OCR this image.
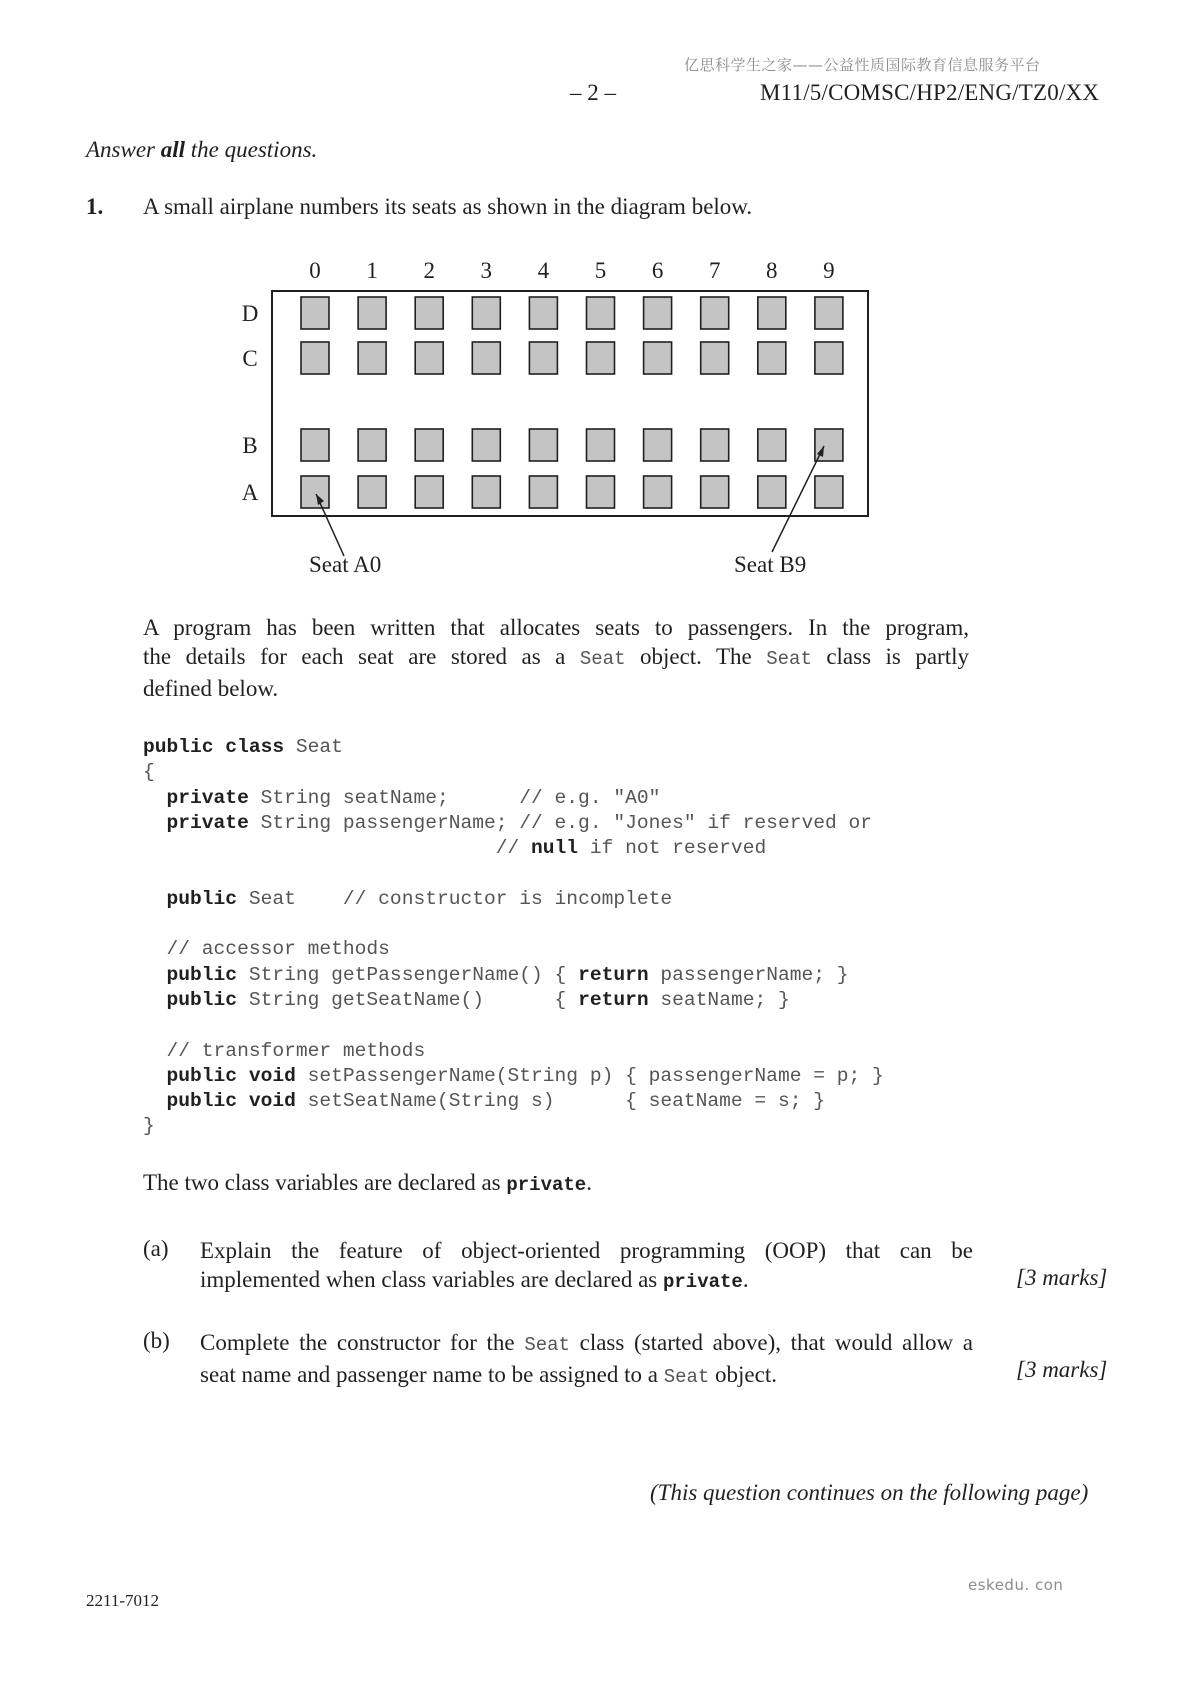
亿思科学生之家——公益性质国际教育信息服务平台
– 2 –	M11/5/COMSC/HP2/ENG/TZ0/XX
Answer all the questions.
1. A small airplane numbers its seats as shown in the diagram below.
0 1 2 3 4 5 6 7 8 9
D
C
B
A
Seat A0	Seat B9
A program has been written that allocates seats to passengers. In the program,
the details for each seat are stored as a Seat object. The Seat class is partly
defined below.
public class Seat
{
private String seatName;      // e.g. "A0"
private String passengerName; // e.g. "Jones" if reserved or
// null if not reserved

public Seat    // constructor is incomplete

// accessor methods
public String getPassengerName() { return passengerName; }
public String getSeatName()      { return seatName; }

// transformer methods
public void setPassengerName(String p) { passengerName = p; }
public void setSeatName(String s)      { seatName = s; }
}
The two class variables are declared as private.
(a) Explain the feature of object-oriented programming (OOP) that can be
implemented when class variables are declared as private.	[3 marks]
(b) Complete the constructor for the Seat class (started above), that would allow a
seat name and passenger name to be assigned to a Seat object.	[3 marks]
(This question continues on the following page)
2211-7012
eskedu. con
